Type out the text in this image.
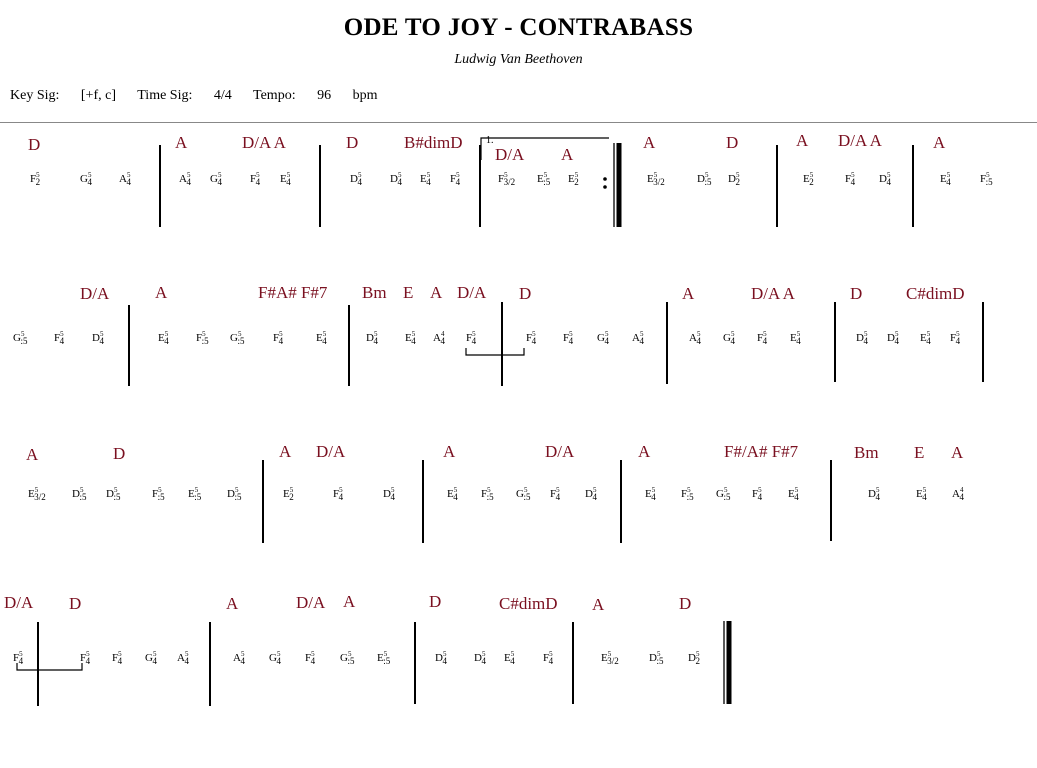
ODE TO JOY - CONTRABASS
Ludwig Van Beethoven
Key Sig: [+f, c] Time Sig: 4/4 Tempo: 96 bpm
1.
D	A	D/A A	D	B#dimD
D/A A
A	D	A D/A A	A
D/A	A	F#A# F#7 Bm E A D/A D	A	D/A A	D	C#dimD
A	D	A D/A	A	D/A	A	F#/A# F#7	Bm E A
D/A D	A	D/A A	D	C#dimD A	D
$F^5$ 2	$G^5$ 4 $A^5$ 4	$A^5$ 4 $G^5$ 4	$F^5$ 4 $E^5$ 4	$D^5$ 4	$D^5$ 4 $E^5$ 4 $F^5$ 4	$F^5$ 3/2 $E^5$ :5 $E^5$ 2	$E^5$ 3/2	$D^5$ :5 $D^5$ 2	$E^5$ 2	$F^5$ 4 $D^5$ 4	$E^5$ 4	$F^5$ :5
$G^5$ :5 $F^5$ 4	$D^5$ 4	$E^5$ 4 $F^5$ :5 $G^5$ :5	$F^5$ 4	$E^5$ 4	$D^5$ 4 $E^5$ 4 $A^4$ 4 $F^5$ 4	$F^5$ 4 $F^5$ 4 $G^5$ 4 $A^5$ 4	$A^5$ 4 $G^5$ 4 $F^5$ 4 $E^5$ 4	$D^5$ 4 $D^5$ 4 $E^5$ 4 $F^5$ 4
$E^5$ 3/2 $D^5$ :5 $D^5$ :5	$F^5$ :5 $E^5$ :5 $D^5$ :5	$E^5$ 2	$F^5$ 4	$D^5$ 4	$E^5$ 4 $F^5$ :5 $G^5$ :5 $F^5$ 4 $D^5$ 4	$E^5$ 4 $F^5$ :5 $G^5$ :5 $F^5$ 4 $E^5$ 4	$D^5$ 4	$E^5$ 4 $A^4$ 4
$F^5$ 4	$F^5$ 4 $F^5$ 4 $G^5$ 4 $A^5$ 4	$A^5$ 4 $G^5$ 4 $F^5$ 4 $G^5$ :5 $E^5$ :5	$D^5$ 4 $D^5$ 4 $E^5$ 4	$F^5$ 4	$E^5$ 3/2	$D^5$ :5 $D^5$ 2
